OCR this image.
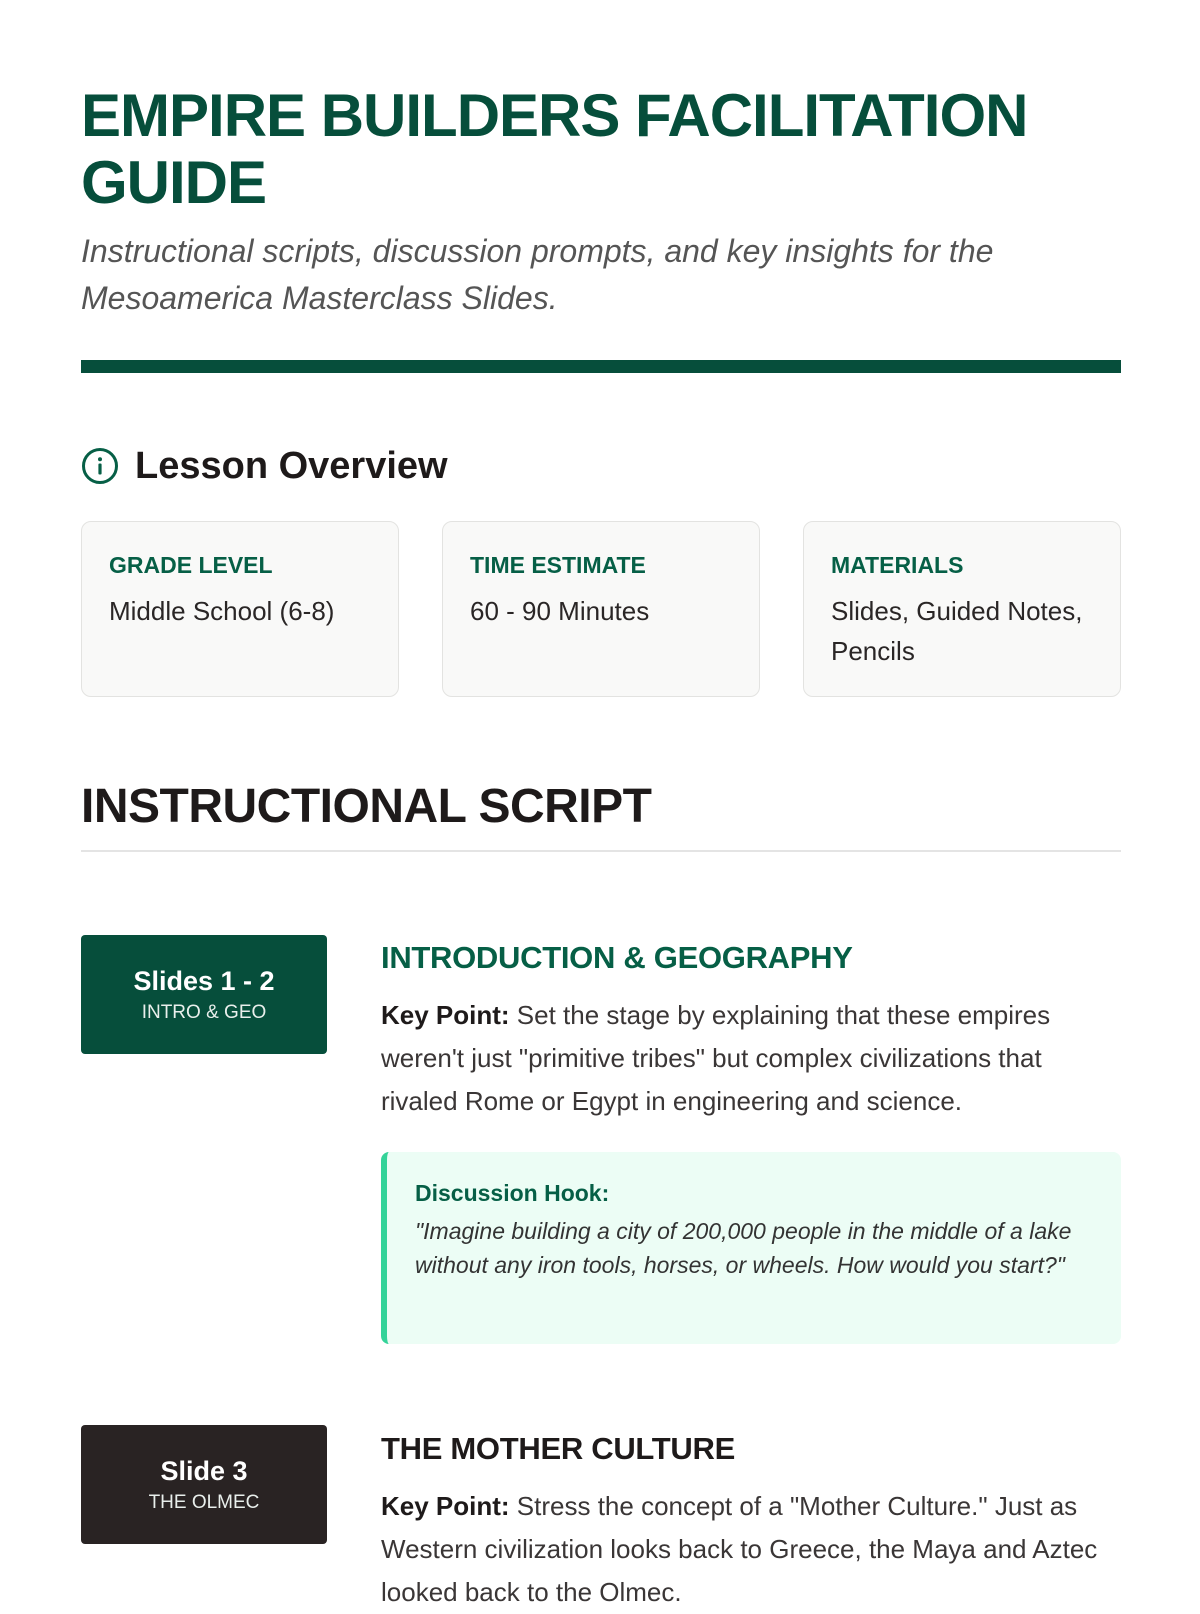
EMPIRE BUILDERS FACILITATION GUIDE

Instructional scripts, discussion prompts, and key insights for the Mesoamerica Masterclass Slides.

Lesson Overview
GRADE LEVEL
Middle School (6-8)
TIME ESTIMATE
60 - 90 Minutes
MATERIALS
Slides, Guided Notes, Pencils
INSTRUCTIONAL SCRIPT
Slides 1 - 2
INTRO & GEO
INTRODUCTION & GEOGRAPHY

Key Point: Set the stage by explaining that these empires weren't just "primitive tribes" but complex civilizations that rivaled Rome or Egypt in engineering and science.

Discussion Hook:

"Imagine building a city of 200,000 people in the middle of a lake without any iron tools, horses, or wheels. How would you start?"

Slide 3
THE OLMEC
THE MOTHER CULTURE

Key Point: Stress the concept of a "Mother Culture." Just as Western civilization looks back to Greece, the Maya and Aztec looked back to the Olmec.
